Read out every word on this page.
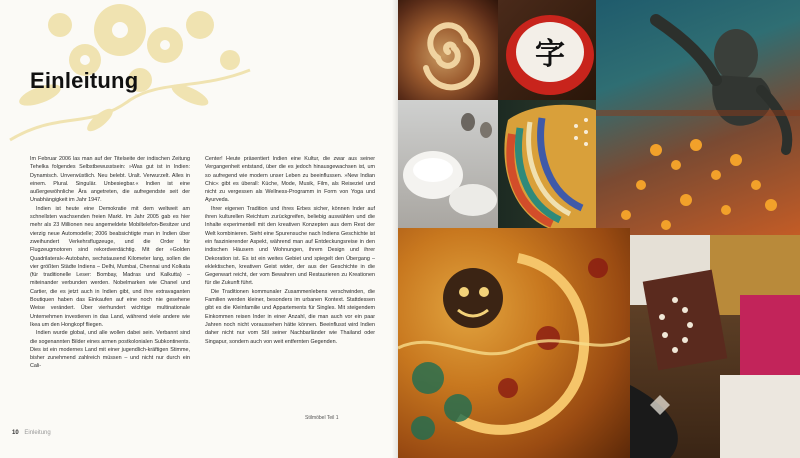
Einleitung

Im Februar 2006 las man auf der Titelseite der indischen Zeitung Tehelka folgendes Selbstbewusstsein: »Was gut ist in Indien: Dynamisch. Unverwüstlich. Neu belebt. Uralt. Verwurzelt. Alles in einem. Plural. Singulär. Unbesiegbar.« Indien ist eine außergewöhnliche Ära angetreten, die aufregendste seit der Unabhängigkeit im Jahr 1947.

Indien ist heute eine Demokratie mit dem weltweit am schnellsten wachsenden freien Markt. Im Jahr 2005 gab es hier mehr als 23 Millionen neu angemeldete Mobiltelefon-Besitzer und vierzig neue Automodelle; 2006 beabsichtigte man in Indien über zweihundert Verkehrsflugzeuge, und die Order für Flugzeugmotoren sind rekordverdächtig. Mit der »Golden Quadrilateral«-Autobahn, sechstausend Kilometer lang, sollen die vier größten Städte Indiens – Delhi, Mumbai, Chennai und Kolkata (für traditionelle Leser: Bombay, Madras und Kalkutta) – miteinander verbunden werden. Nobelmarken wie Chanel und Cartier, die es jetzt auch in Indien gibt, und ihre extravaganten Boutiquen haben das Einkaufen auf eine noch nie gesehene Weise verändert. Über vierhundert wichtige multinationale Unternehmen investieren in das Land, während viele andere wie Ikea um den Hongkopf fliegen.

Indien wurde global, und alle wollen dabei sein. Verbannt sind die sogenannten Bilder eines armen postkolonialen Subkontinents. Dies ist ein modernes Land mit einer jugendlich-kräftigen Stimme, bisher zunehmend zahlreich müssen – und nicht nur durch ein Cali-

Center! Heute präsentiert Indien eine Kultur, die zwar aus seiner Vergangenheit entstand, über die es jedoch hinausgewachsen ist, um so aufregend wie modern unser Leben zu beeinflussen. »New Indian Chic« gibt es überall: Küche, Mode, Musik, Film, als Reiseziel und nicht zu vergessen als Wellness-Programm in Form von Yoga und Ayurveda.

Ihrer eigenen Tradition und ihres Erbes sicher, können Inder auf ihren kulturellen Reichtum zurückgreifen, beliebig auswählen und die Inhalte experimentell mit den kreativen Konzepten aus dem Rest der Welt kombinieren. Sieht eine Spurensuche nach Indiens Geschichte ist ein faszinierender Aspekt, während man auf Entdeckungsreise in den indischen Häusern und Wohnungen, ihrem Design und ihrer Dekoration ist. Es ist ein weites Gebiet und spiegelt den Übergang – eklektischen, kreativen Geist wider, der aus der Geschichte in die Gegenwart reicht, der vom Bewahren und Restaurieren zu Kreationen für die Zukunft führt.

Die Traditionen kommunaler Zusammenlebens verschwinden, die Familien werden kleiner, besonders im urbanen Kontext. Stattdessen gibt es die Kleinfamilie und Appartements für Singles. Mit steigendem Einkommen reisen Inder in einer Anzahl, die man auch vor ein paar Jahren noch nicht voraussehen hätte können. Beeinflusst wird Indien daher nicht nur vom Stil seiner Nachbarländer wie Thailand oder Singapur, sondern auch von weit entfernten Gegenden.

Stilmöbel Teil 1
10 Einleitung
字
